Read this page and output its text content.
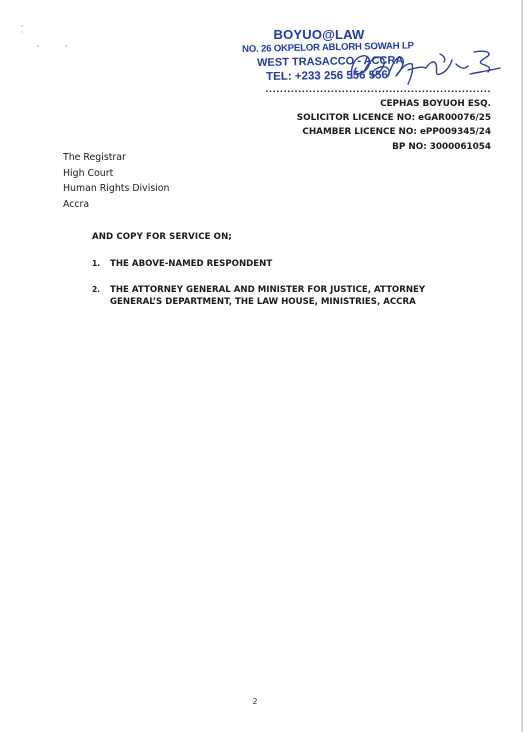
BOYUO@LAW
NO. 26 OKPELOR ABLORH SOWAH LP
WEST TRASACCO - ACCRA
TEL: +233 256 556 556
..............................................................
CEPHAS BOYUOH ESQ.
SOLICITOR LICENCE NO: eGAR00076/25
CHAMBER LICENCE NO: ePP009345/24
BP NO: 3000061054
The Registrar
High Court
Human Rights Division
Accra
AND COPY FOR SERVICE ON;
1.	THE ABOVE-NAMED RESPONDENT
2.	THE ATTORNEY GENERAL AND MINISTER FOR JUSTICE, ATTORNEY GENERAL’S DEPARTMENT, THE LAW HOUSE, MINISTRIES, ACCRA
2
